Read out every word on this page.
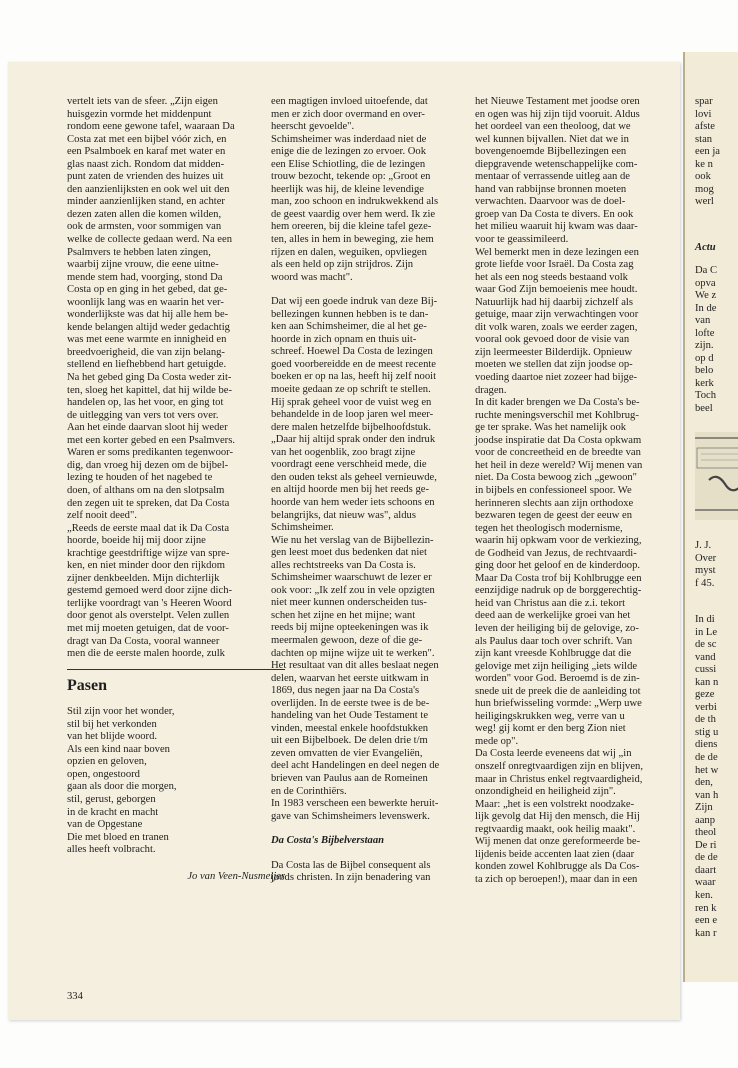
spar
lovi
afste
stan
een ja
ke n
ook
mog
werl
Actu
Da C
opva
We z
In de
van
lofte
zijn.
op d
belo
kerk
Toch
beel
J. J.
Over
myst
f 45.
In di
in Le
de sc
vand
cussi
kan n
geze
verbi
de th
stig u
diens
de de
het w
den,
van h
Zijn
aanp
theol
De ri
de de
daart
waar
ken.
ren k
een e
kan r

vertelt iets van de sfeer. „Zijn eigen
huisgezin vormde het middenpunt
rondom eene gewone tafel, waaraan Da
Costa zat met een bijbel vóór zich, en
een Psalmboek en karaf met water en
glas naast zich. Rondom dat midden-
punt zaten de vrienden des huizes uit
den aanzienlijksten en ook wel uit den
minder aanzienlijken stand, en achter
dezen zaten allen die komen wilden,
ook de armsten, voor sommigen van
welke de collecte gedaan werd. Na een
Psalmvers te hebben laten zingen,
waarbij zijne vrouw, die eene uitne-
mende stem had, voorging, stond Da
Costa op en ging in het gebed, dat ge-
woonlijk lang was en waarin het ver-
wonderlijkste was dat hij alle hem be-
kende belangen altijd weder gedachtig
was met eene warmte en innigheid en
breedvoerigheid, die van zijn belang-
stellend en liefhebbend hart getuigde.
Na het gebed ging Da Costa weder zit-
ten, sloeg het kapittel, dat hij wilde be-
handelen op, las het voor, en ging tot
de uitlegging van vers tot vers over.
Aan het einde daarvan sloot hij weder
met een korter gebed en een Psalmvers.
Waren er soms predikanten tegenwoor-
dig, dan vroeg hij dezen om de bijbel-
lezing te houden of het nagebed te
doen, of althans om na den slotpsalm
den zegen uit te spreken, dat Da Costa
zelf nooit deed".

„Reeds de eerste maal dat ik Da Costa
hoorde, boeide hij mij door zijne
krachtige geestdriftige wijze van spre-
ken, en niet minder door den rijkdom
zijner denkbeelden. Mijn dichterlijk
gestemd gemoed werd door zijne dich-
terlijke voordragt van 's Heeren Woord
door genot als overstelpt. Velen zullen
met mij moeten getuigen, dat de voor-
dragt van Da Costa, vooral wanneer
men die de eerste malen hoorde, zulk

Pasen

Stil zijn voor het wonder,
stil bij het verkonden
van het blijde woord.
Als een kind naar boven
opzien en geloven,
open, ongestoord
gaan als door die morgen,
stil, gerust, geborgen
in de kracht en macht
van de Opgestane
Die met bloed en tranen
alles heeft volbracht.

Jo van Veen-Nusmeijer

een magtigen invloed uitoefende, dat
men er zich door overmand en over-
heerscht gevoelde".
Schimsheimer was inderdaad niet de
enige die de lezingen zo ervoer. Ook
een Elise Schiotling, die de lezingen
trouw bezocht, tekende op: „Groot en
heerlijk was hij, de kleine levendige
man, zoo schoon en indrukwekkend als
de geest vaardig over hem werd. Ik zie
hem oreeren, bij die kleine tafel geze-
ten, alles in hem in beweging, zie hem
rijzen en dalen, weguiken, opvliegen
als een held op zijn strijdros. Zijn
woord was macht".

Dat wij een goede indruk van deze Bij-
bellezingen kunnen hebben is te dan-
ken aan Schimsheimer, die al het ge-
hoorde in zich opnam en thuis uit-
schreef. Hoewel Da Costa de lezingen
goed voorbereidde en de meest recente
boeken er op na las, heeft hij zelf nooit
moeite gedaan ze op schrift te stellen.
Hij sprak geheel voor de vuist weg en
behandelde in de loop jaren wel meer-
dere malen hetzelfde bijbelhoofdstuk.
„Daar hij altijd sprak onder den indruk
van het oogenblik, zoo bragt zijne
voordragt eene verschheid mede, die
den ouden tekst als geheel vernieuwde,
en altijd hoorde men bij het reeds ge-
hoorde van hem weder iets schoons en
belangrijks, dat nieuw was", aldus
Schimsheimer.
Wie nu het verslag van de Bijbellezin-
gen leest moet dus bedenken dat niet
alles rechtstreeks van Da Costa is.
Schimsheimer waarschuwt de lezer er
ook voor: „Ik zelf zou in vele opzigten
niet meer kunnen onderscheiden tus-
schen het zijne en het mijne; want
reeds bij mijne opteekeningen was ik
meermalen gewoon, deze of die ge-
dachten op mijne wijze uit te werken".
Het resultaat van dit alles beslaat negen
delen, waarvan het eerste uitkwam in
1869, dus negen jaar na Da Costa's
overlijden. In de eerste twee is de be-
handeling van het Oude Testament te
vinden, meestal enkele hoofdstukken
uit een Bijbelboek. De delen drie t/m
zeven omvatten de vier Evangeliën,
deel acht Handelingen en deel negen de
brieven van Paulus aan de Romeinen
en de Corinthiërs.
In 1983 verscheen een bewerkte heruit-
gave van Schimsheimers levenswerk.

Da Costa's Bijbelverstaan

Da Costa las de Bijbel consequent als
joods christen. In zijn benadering van

het Nieuwe Testament met joodse oren
en ogen was hij zijn tijd vooruit. Aldus
het oordeel van een theoloog, dat we
wel kunnen bijvallen. Niet dat we in
bovengenoemde Bijbellezingen een
diepgravende wetenschappelijke com-
mentaar of verrassende uitleg aan de
hand van rabbijnse bronnen moeten
verwachten. Daarvoor was de doel-
groep van Da Costa te divers. En ook
het milieu waaruit hij kwam was daar-
voor te geassimileerd.
Wel bemerkt men in deze lezingen een
grote liefde voor Israël. Da Costa zag
het als een nog steeds bestaand volk
waar God Zijn bemoeienis mee houdt.
Natuurlijk had hij daarbij zichzelf als
getuige, maar zijn verwachtingen voor
dit volk waren, zoals we eerder zagen,
vooral ook gevoed door de visie van
zijn leermeester Bilderdijk. Opnieuw
moeten we stellen dat zijn joodse op-
voeding daartoe niet zozeer had bijge-
dragen.
In dit kader brengen we Da Costa's be-
ruchte meningsverschil met Kohlbrug-
ge ter sprake. Was het namelijk ook
joodse inspiratie dat Da Costa opkwam
voor de concreetheid en de breedte van
het heil in deze wereld? Wij menen van
niet. Da Costa bewoog zich „gewoon"
in bijbels en confessioneel spoor. We
herinneren slechts aan zijn orthodoxe
bezwaren tegen de geest der eeuw en
tegen het theologisch modernisme,
waarin hij opkwam voor de verkiezing,
de Godheid van Jezus, de rechtvaardi-
ging door het geloof en de kinderdoop.
Maar Da Costa trof bij Kohlbrugge een
eenzijdige nadruk op de borggerechtig-
heid van Christus aan die z.i. tekort
deed aan de werkelijke groei van het
leven der heiliging bij de gelovige, zo-
als Paulus daar toch over schrift. Van
zijn kant vreesde Kohlbrugge dat die
gelovige met zijn heiliging „iets wilde
worden" voor God. Beroemd is de zin-
snede uit de preek die de aanleiding tot
hun briefwisseling vormde: „Werp uwe
heiligingskrukken weg, verre van u
weg! gij komt er den berg Zion niet
mede op".
Da Costa leerde eveneens dat wij „in
onszelf onregtvaardigen zijn en blijven,
maar in Christus enkel regtvaardigheid,
onzondigheid en heiligheid zijn".
Maar: „het is een volstrekt noodzake-
lijk gevolg dat Hij den mensch, die Hij
regtvaardig maakt, ook heilig maakt".
Wij menen dat onze gereformeerde be-
lijdenis beide accenten laat zien (daar
konden zowel Kohlbrugge als Da Cos-
ta zich op beroepen!), maar dan in een

334
